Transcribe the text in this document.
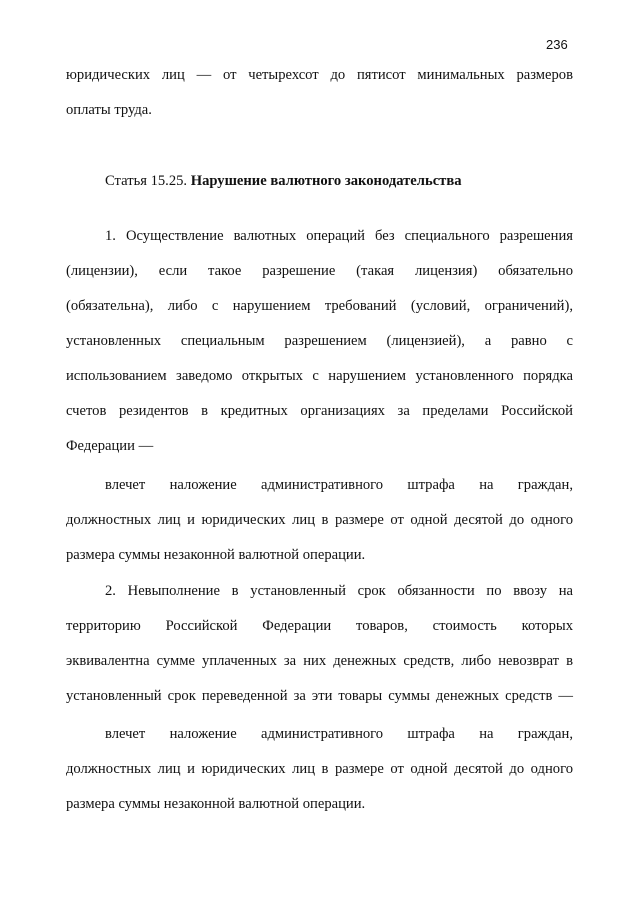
236
юридических лиц — от четырехсот до пятисот минимальных размеров
оплаты труда.
Статья 15.25. Нарушение валютного законодательства
1. Осуществление валютных операций без специального разрешения
(лицензии), если такое разрешение (такая лицензия) обязательно
(обязательна), либо с нарушением требований (условий, ограничений),
установленных специальным разрешением (лицензией), а равно с
использованием заведомо открытых с нарушением установленного порядка
счетов резидентов в кредитных организациях за пределами Российской
Федерации —
влечет наложение административного штрафа на граждан,
должностных лиц и юридических лиц в размере от одной десятой до одного
размера суммы незаконной валютной операции.
2. Невыполнение в установленный срок обязанности по ввозу на
территорию Российской Федерации товаров, стоимость которых
эквивалентна сумме уплаченных за них денежных средств, либо невозврат в
установленный срок переведенной за эти товары суммы денежных средств —
влечет наложение административного штрафа на граждан,
должностных лиц и юридических лиц в размере от одной десятой до одного
размера суммы незаконной валютной операции.
